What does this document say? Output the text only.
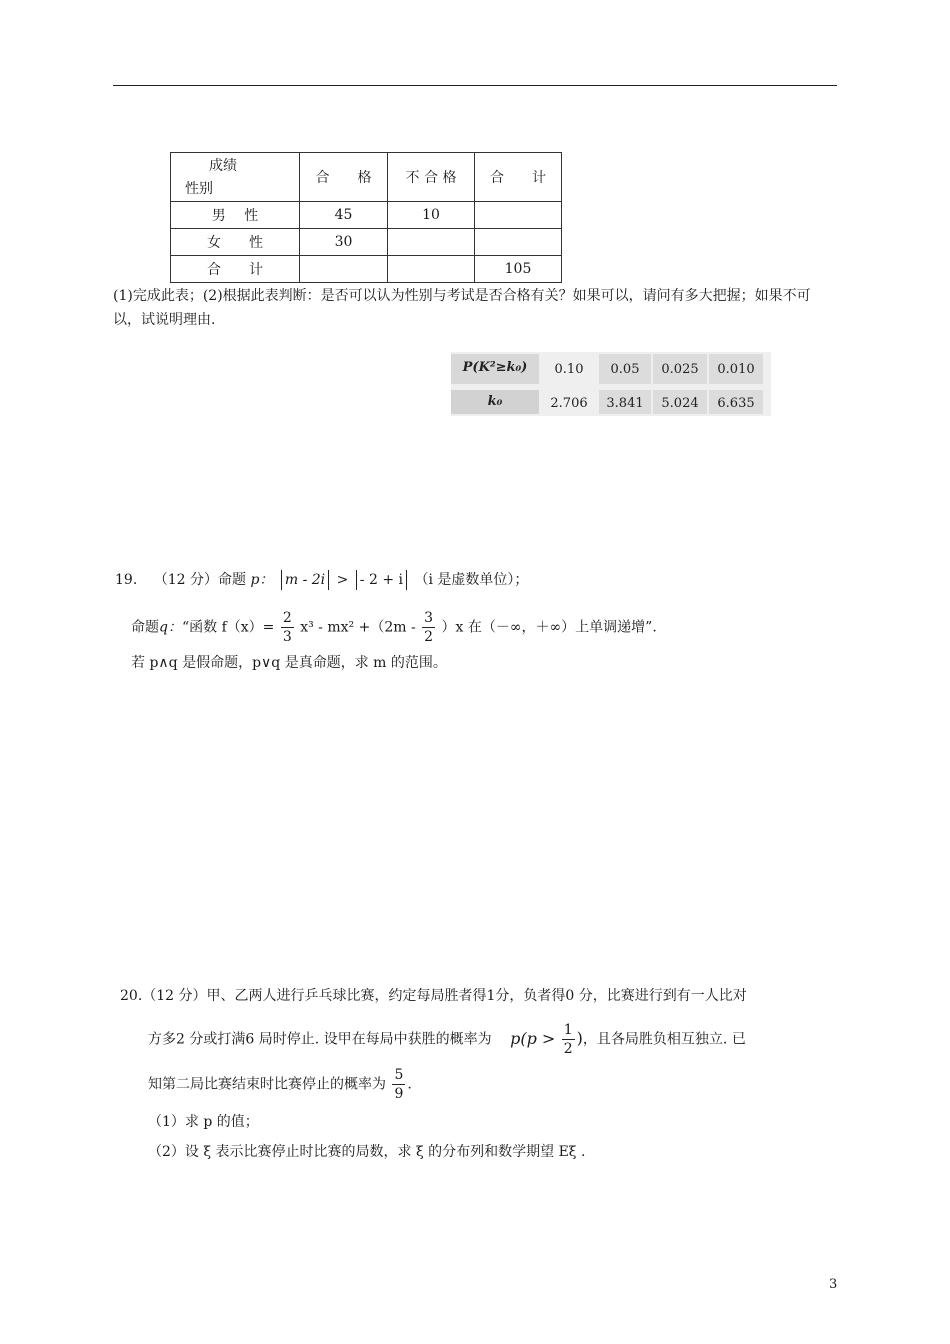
成绩
性别	合　　格	不 合 格	合　　计
男　 性	45	10	
女　　性	30		
合　　计			105
(1)完成此表；(2)根据此表判断：是否可以认为性别与考试是否合格有关？如果可以，请问有多大把握；如果不可以，试说明理由.
P(K²≥k₀)	0.10	0.05	0.025	0.010
k₀	2.706	3.841	5.024	6.635
19. （12 分）命题 p： m - 2i > - 2 + i （i 是虚数单位）；
命题q：“函数 $f(x)= \frac{2}{3} x^3 - mx^2 +(2m - \frac{3}{2} )x$ 在（－∞，＋∞）上单调递增”.
若 p∧q 是假命题，p∨q 是真命题，求 m 的范围。
20.（12 分）甲、乙两人进行乒乓球比赛，约定每局胜者得1分，负者得0 分，比赛进行到有一人比对
方多2 分或打满6 局时停止. 设甲在每局中获胜的概率为 $p(p > \frac{1}{2}$ )，且各局胜负相互独立. 已
知第二局比赛结束时比赛停止的概率为 $\frac{5}{9}$ .
（1）求 p 的值；
（2）设 ξ 表示比赛停止时比赛的局数，求 ξ 的分布列和数学期望 Eξ .
3
